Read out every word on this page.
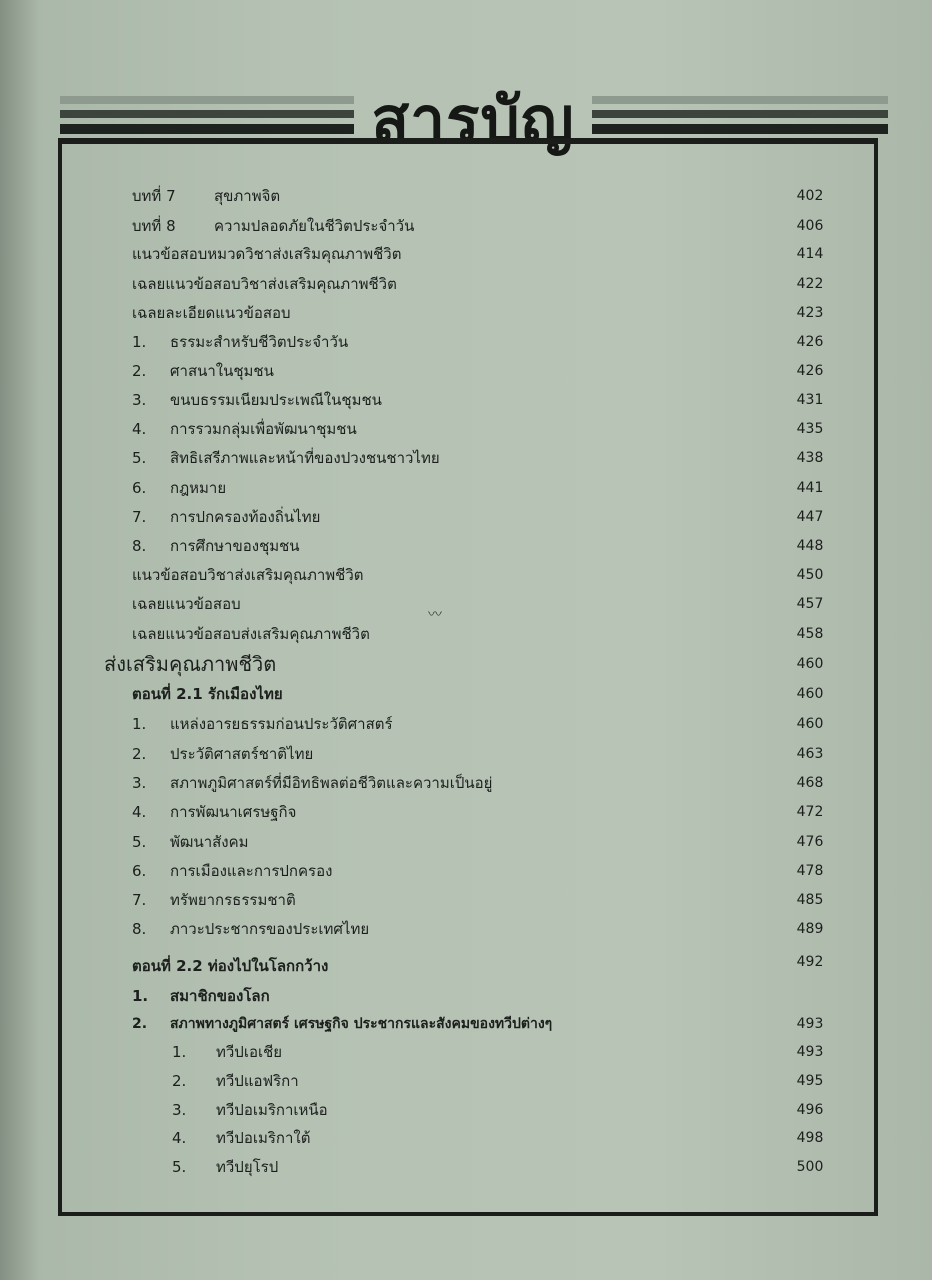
สารบัญ
บทที่ 7	สุขภาพจิต	402
บทที่ 8	ความปลอดภัยในชีวิตประจำวัน	406
แนวข้อสอบหมวดวิชาส่งเสริมคุณภาพชีวิต	414
เฉลยแนวข้อสอบวิชาส่งเสริมคุณภาพชีวิต	422
เฉลยละเอียดแนวข้อสอบ	423
1. ธรรมะสำหรับชีวิตประจำวัน	426
2. ศาสนาในชุมชน	426
3. ขนบธรรมเนียมประเพณีในชุมชน	431
4. การรวมกลุ่มเพื่อพัฒนาชุมชน	435
5. สิทธิเสรีภาพและหน้าที่ของปวงชนชาวไทย	438
6. กฎหมาย	441
7. การปกครองท้องถิ่นไทย	447
8. การศึกษาของชุมชน	448
แนวข้อสอบวิชาส่งเสริมคุณภาพชีวิต	450
เฉลยแนวข้อสอบ	457
เฉลยแนวข้อสอบส่งเสริมคุณภาพชีวิต	458
ส่งเสริมคุณภาพชีวิต	460
ตอนที่ 2.1 รักเมืองไทย	460
1. แหล่งอารยธรรมก่อนประวัติศาสตร์	460
2. ประวัติศาสตร์ชาติไทย	463
3. สภาพภูมิศาสตร์ที่มีอิทธิพลต่อชีวิตและความเป็นอยู่	468
4. การพัฒนาเศรษฐกิจ	472
5. พัฒนาสังคม	476
6. การเมืองและการปกครอง	478
7. ทรัพยากรธรรมชาติ	485
8. ภาวะประชากรของประเทศไทย	489
ตอนที่ 2.2 ท่องไปในโลกกว้าง	492
1. สมาชิกของโลก
2. สภาพทางภูมิศาสตร์ เศรษฐกิจ ประชากรและสังคมของทวีปต่างๆ	493
1. ทวีปเอเชีย	493
2. ทวีปแอฟริกา	495
3. ทวีปอเมริกาเหนือ	496
4. ทวีปอเมริกาใต้	498
5. ทวีปยุโรป	500
〰
